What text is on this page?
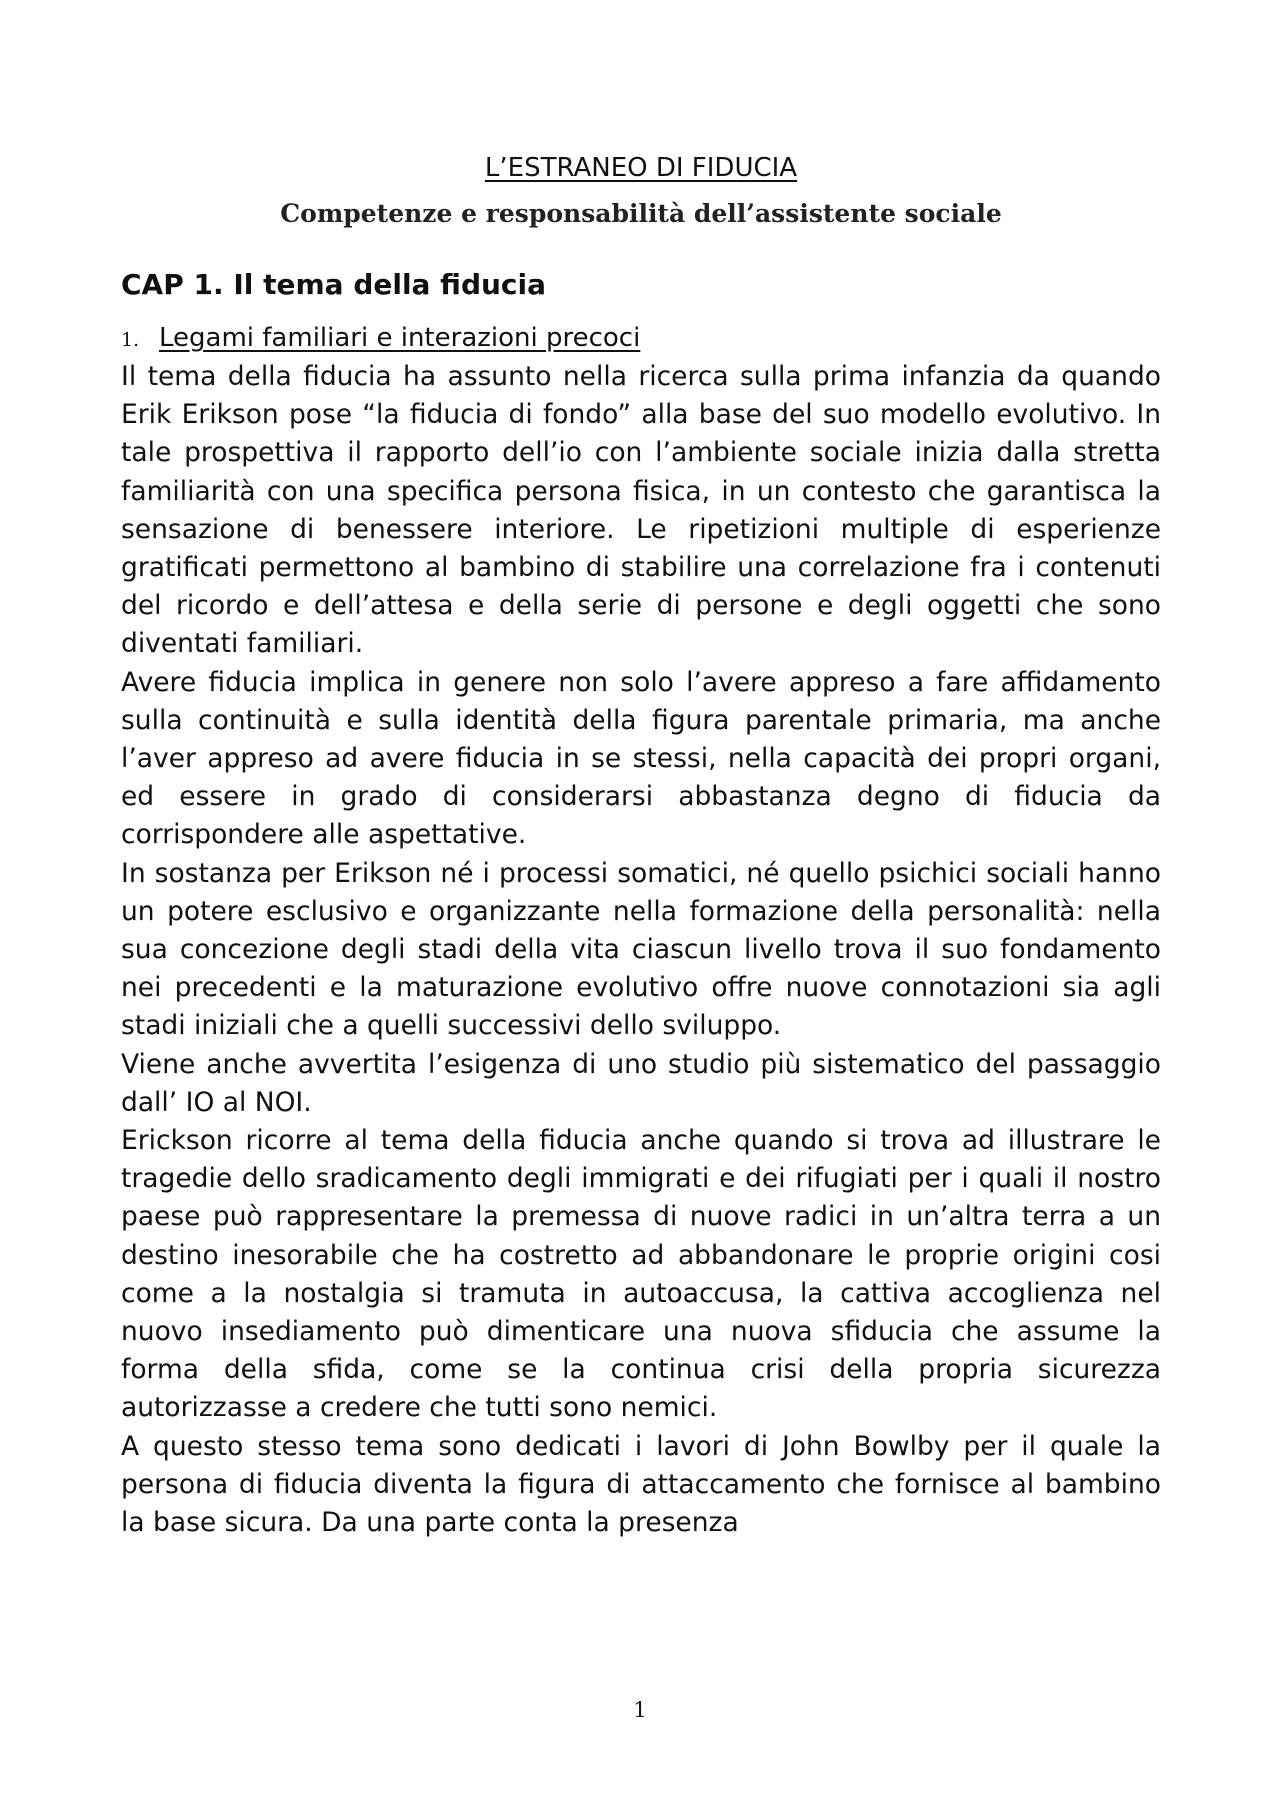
L’ESTRANEO DI FIDUCIA
Competenze e responsabilità dell’assistente sociale
CAP 1. Il tema della fiducia
1. Legami familiari e interazioni precoci

Il tema della fiducia ha assunto nella ricerca sulla prima infanzia da quando Erik Erikson pose “la fiducia di fondo” alla base del suo modello evolutivo. In tale prospettiva il rapporto dell’io con l’ambiente sociale inizia dalla stretta familiarità con una specifica persona fisica, in un contesto che garantisca la sensazione di benessere interiore. Le ripetizioni multiple di esperienze gratificati permettono al bambino di stabilire una correlazione fra i contenuti del ricordo e dell’attesa e della serie di persone e degli oggetti che sono diventati familiari.

Avere fiducia implica in genere non solo l’avere appreso a fare affidamento sulla continuità e sulla identità della figura parentale primaria, ma anche l’aver appreso ad avere fiducia in se stessi, nella capacità dei propri organi, ed essere in grado di considerarsi abbastanza degno di fiducia da corrispondere alle aspettative.

In sostanza per Erikson né i processi somatici, né quello psichici sociali hanno un potere esclusivo e organizzante nella formazione della personalità: nella sua concezione degli stadi della vita ciascun livello trova il suo fondamento nei precedenti e la maturazione evolutivo offre nuove connotazioni sia agli stadi iniziali che a quelli successivi dello sviluppo.

Viene anche avvertita l’esigenza di uno studio più sistematico del passaggio dall’ IO al NOI.

Erickson ricorre al tema della fiducia anche quando si trova ad illustrare le tragedie dello sradicamento degli immigrati e dei rifugiati per i quali il nostro paese può rappresentare la premessa di nuove radici in un’altra terra a un destino inesorabile che ha costretto ad abbandonare le proprie origini cosi come a la nostalgia si tramuta in autoaccusa, la cattiva accoglienza nel nuovo insediamento può dimenticare una nuova sfiducia che assume la forma della sfida, come se la continua crisi della propria sicurezza autorizzasse a credere che tutti sono nemici.

A questo stesso tema sono dedicati i lavori di John Bowlby per il quale la persona di fiducia diventa la figura di attaccamento che fornisce al bambino la base sicura. Da una parte conta la presenza

1
